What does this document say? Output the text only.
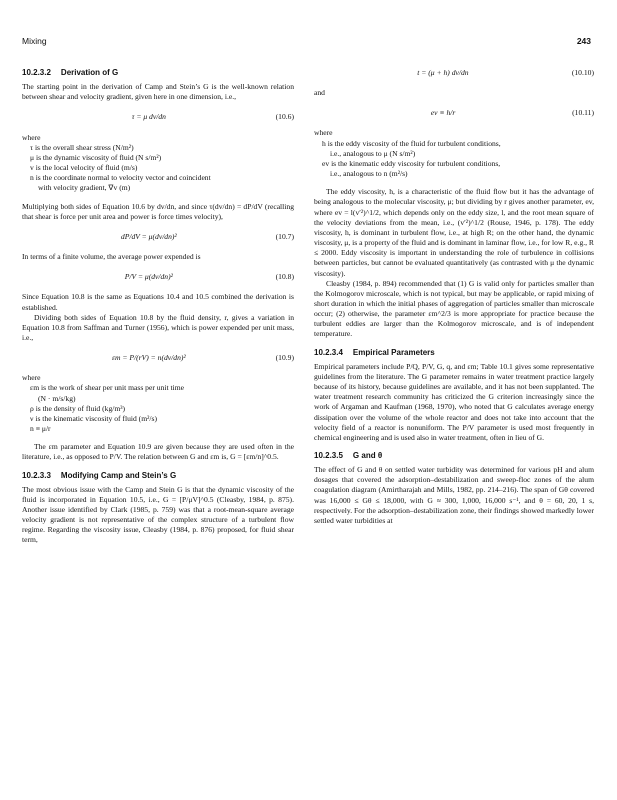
Mixing	243
10.2.3.2 Derivation of G

The starting point in the derivation of Camp and Stein’s G is the well-known relation between shear and velocity gradient, given here in one dimension, i.e.,

τ = μ dv/dn	(10.6)

where

τ is the overall shear stress (N/m²)
μ is the dynamic viscosity of fluid (N s/m²)
v is the local velocity of fluid (m/s)
n is the coordinate normal to velocity vector and coincident
with velocity gradient, ∇v (m)

Multiplying both sides of Equation 10.6 by dv/dn, and since τ(dv/dn) = dP/dV (recalling that shear is force per unit area and power is force times velocity),

dP/dV = μ(dv/dn)²	(10.7)

In terms of a finite volume, the average power expended is

P/V = μ(dv/dn)²	(10.8)

Since Equation 10.8 is the same as Equations 10.4 and 10.5 combined the derivation is established.

Dividing both sides of Equation 10.8 by the fluid density, r, gives a variation in Equation 10.8 from Saffman and Turner (1956), which is power expended per unit mass, i.e.,

εm = P/(rV) = n(dv/dn)²	(10.9)

where

εm is the work of shear per unit mass per unit time
(N · m/s/kg)
ρ is the density of fluid (kg/m³)
ν is the kinematic viscosity of fluid (m²/s)
n ≡ μ/r

The εm parameter and Equation 10.9 are given because they are used often in the literature, i.e., as opposed to P/V. The relation between G and εm is, G = [εm/n]^0.5.

10.2.3.3 Modifying Camp and Stein’s G

The most obvious issue with the Camp and Stein G is that the dynamic viscosity of the fluid is incorporated in Equation 10.5, i.e., G = [P/μV]^0.5 (Cleasby, 1984, p. 875). Another issue identified by Clark (1985, p. 759) was that a root-mean-square average velocity gradient is not representative of the complex structure of a turbulent flow regime. Regarding the viscosity issue, Cleasby (1984, p. 876) proposed, for fluid shear term,

t = (μ + h) dv/dn	(10.10)

and

ev ≡ h/r	(10.11)

where

h is the eddy viscosity of the fluid for turbulent conditions,
i.e., analogous to μ (N s/m²)
ev is the kinematic eddy viscosity for turbulent conditions,
i.e., analogous to n (m²/s)

The eddy viscosity, h, is a characteristic of the fluid flow but it has the advantage of being analogous to the molecular viscosity, μ; but dividing by r gives another parameter, ev, where ev = l(v′²)^1/2, which depends only on the eddy size, l, and the root mean square of the velocity deviations from the mean, i.e., (v′²)^1/2 (Rouse, 1946, p. 178). The eddy viscosity, h, is dominant in turbulent flow, i.e., at high R; on the other hand, the dynamic viscosity, μ, is a property of the fluid and is dominant in laminar flow, i.e., for low R, e.g., R ≤ 2000. Eddy viscosity is important in understanding the role of turbulence in collisions between particles, but cannot be evaluated quantitatively (as contrasted with μ the dynamic viscosity).

Cleasby (1984, p. 894) recommended that (1) G is valid only for particles smaller than the Kolmogorov microscale, which is not typical, but may be applicable, or rapid mixing of short duration in which the initial phases of aggregation of particles smaller than microscale occur; (2) otherwise, the parameter εm^2/3 is more appropriate for practice because the turbulent eddies are larger than the Kolmogorov microscale, and is of independent temperature.

10.2.3.4 Empirical Parameters

Empirical parameters include P/Q, P/V, G, q, and εm; Table 10.1 gives some representative guidelines from the literature. The G parameter remains in water treatment practice largely because of its history, because guidelines are available, and it has not been supplanted. The water treatment research community has criticized the G criterion increasingly since the work of Argaman and Kaufman (1968, 1970), who noted that G calculates average energy dissipation over the volume of the whole reactor and does not take into account that the velocity field of a reactor is nonuniform. The P/V parameter is used most frequently in chemical engineering and is used also in water treatment, often in lieu of G.

10.2.3.5 G and θ

The effect of G and θ on settled water turbidity was determined for various pH and alum dosages that covered the adsorption–destabilization and sweep-floc zones of the alum coagulation diagram (Amirtharajah and Mills, 1982, pp. 214–216). The span of Gθ covered was 16,000 ≤ Gθ ≤ 18,000, with G ≈ 300, 1,000, 16,000 s⁻¹, and θ = 60, 20, 1 s, respectively. For the adsorption–destabilization zone, their findings showed markedly lower settled water turbidities at
